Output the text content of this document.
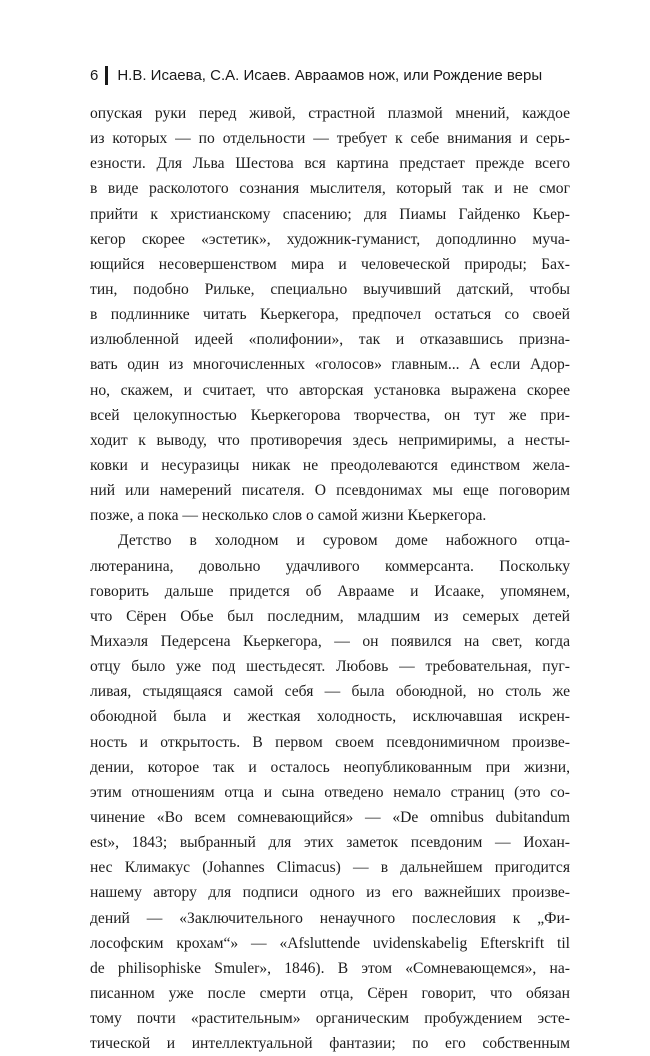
6 Н.В. Исаева, С.А. Исаев. Авраамов нож, или Рождение веры
опуская руки перед живой, страстной плазмой мнений, каждое
из которых — по отдельности — требует к себе внимания и серь-
езности. Для Льва Шестова вся картина предстает прежде всего
в виде расколотого сознания мыслителя, который так и не смог
прийти к христианскому спасению; для Пиамы Гайденко Кьер-
кегор скорее «эстетик», художник-гуманист, доподлинно муча-
ющийся несовершенством мира и человеческой природы; Бах-
тин, подобно Рильке, специально выучивший датский, чтобы
в подлиннике читать Кьеркегора, предпочел остаться со своей
излюбленной идеей «полифонии», так и отказавшись призна-
вать один из многочисленных «голосов» главным... А если Адор-
но, скажем, и считает, что авторская установка выражена скорее
всей целокупностью Кьеркегорова творчества, он тут же при-
ходит к выводу, что противоречия здесь непримиримы, а несты-
ковки и несуразицы никак не преодолеваются единством жела-
ний или намерений писателя. О псевдонимах мы еще поговорим
позже, а пока — несколько слов о самой жизни Кьеркегора.
Детство в холодном и суровом доме набожного отца-
лютеранина, довольно удачливого коммерсанта. Поскольку
говорить дальше придется об Аврааме и Исааке, упомянем,
что Сёрен Обье был последним, младшим из семерых детей
Михаэля Педерсена Кьеркегора, — он появился на свет, когда
отцу было уже под шестьдесят. Любовь — требовательная, пуг-
ливая, стыдящаяся самой себя — была обоюдной, но столь же
обоюдной была и жесткая холодность, исключавшая искрен-
ность и открытость. В первом своем псевдонимичном произве-
дении, которое так и осталось неопубликованным при жизни,
этим отношениям отца и сына отведено немало страниц (это со-
чинение «Во всем сомневающийся» — «De omnibus dubitandum
est», 1843; выбранный для этих заметок псевдоним — Иохан-
нес Климакус (Johannes Climacus) — в дальнейшем пригодится
нашему автору для подписи одного из его важнейших произве-
дений — «Заключительного ненаучного послесловия к „Фи-
лософским крохам“» — «Afsluttende uvidenskabelig Efterskrift til
de philisophiske Smuler», 1846). В этом «Сомневающемся», на-
писанном уже после смерти отца, Сёрен говорит, что обязан
тому почти «растительным» органическим пробуждением эсте-
тической и интеллектуальной фантазии; по его собственным
